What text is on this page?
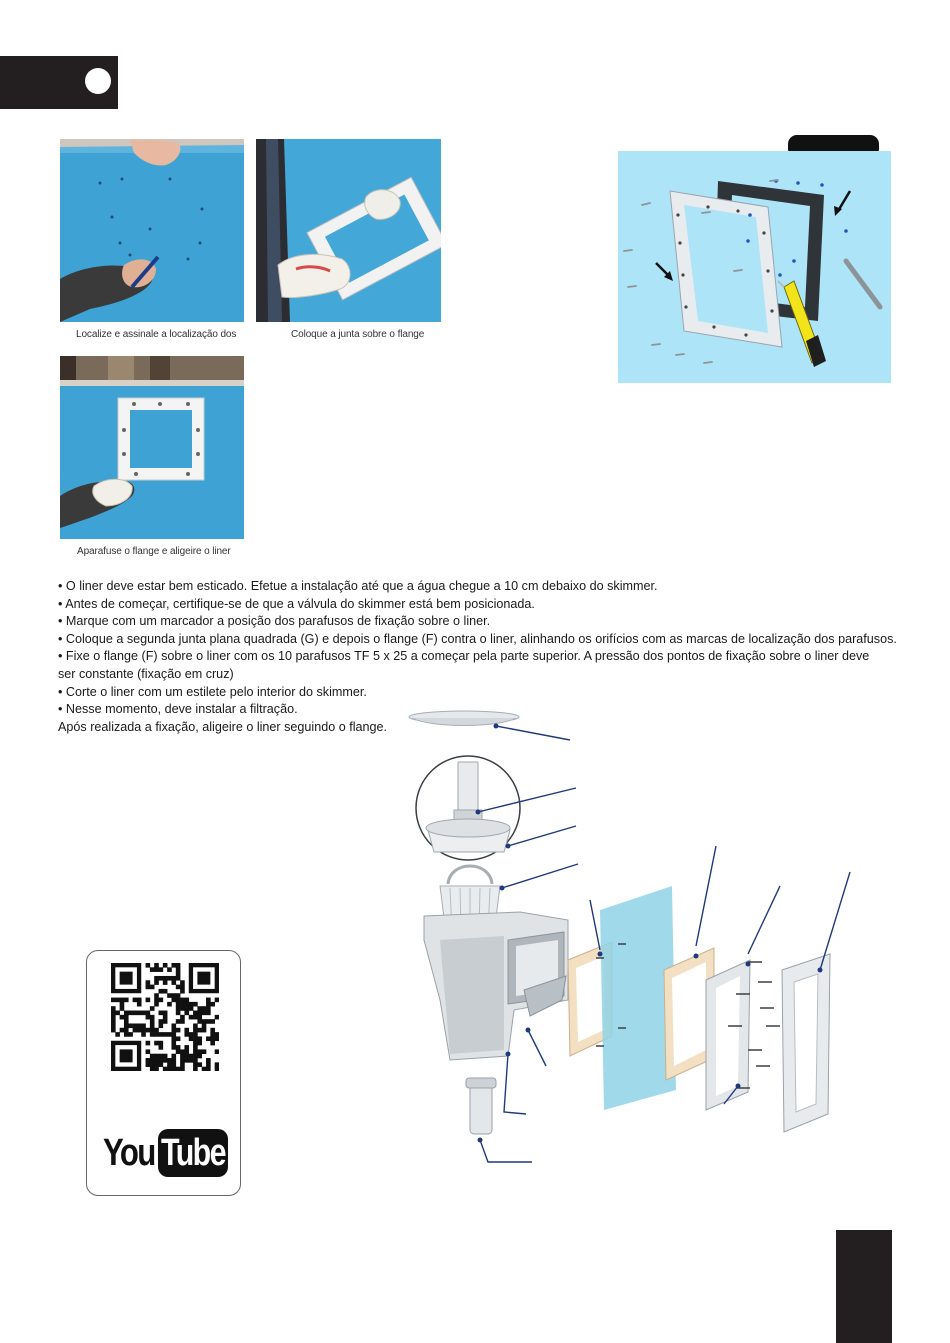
Localize e assinale a localização dos	Coloque a junta sobre o flange
Aparafuse o flange e aligeire o liner
• O liner deve estar bem esticado. Efetue a instalação até que a água chegue a 10 cm debaixo do skimmer.
• Antes de começar, certifique-se de que a válvula do skimmer está bem posicionada.
• Marque com um marcador a posição dos parafusos de fixação sobre o liner.
• Coloque a segunda junta plana quadrada (G) e depois o flange (F) contra o liner, alinhando os orifícios com as marcas de localização dos parafusos.
• Fixe o flange (F) sobre o liner com os 10 parafusos TF 5 x 25 a começar pela parte superior. A pressão dos pontos de fixação sobre o liner deve ser constante (fixação em cruz)
• Corte o liner com um estilete pelo interior do skimmer.
• Nesse momento, deve instalar a filtração.
Após realizada a fixação, aligeire o liner seguindo o flange.
You Tube
